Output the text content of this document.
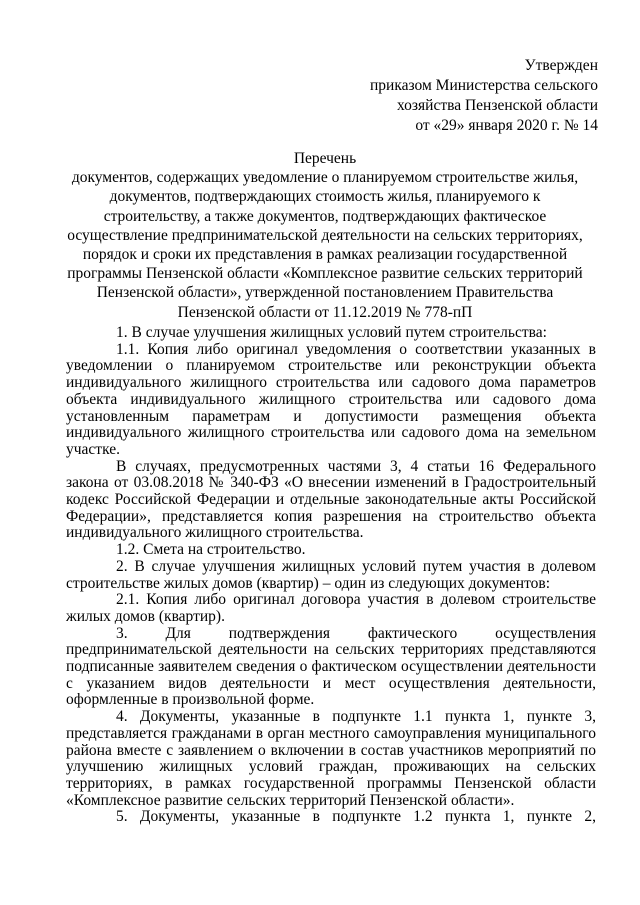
Утвержден
приказом Министерства сельского
хозяйства Пензенской области
от «29» января 2020 г. № 14
Перечень
документов, содержащих уведомление о планируемом строительстве жилья,
документов, подтверждающих стоимость жилья, планируемого к
строительству, а также документов, подтверждающих фактическое
осуществление предпринимательской деятельности на сельских территориях,
порядок и сроки их представления в рамках реализации государственной
программы Пензенской области «Комплексное развитие сельских территорий
Пензенской области», утвержденной постановлением Правительства
Пензенской области от 11.12.2019 № 778-пП

1. В случае улучшения жилищных условий путем строительства:

1.1. Копия либо оригинал уведомления о соответствии указанных в уведомлении о планируемом строительстве или реконструкции объекта индивидуального жилищного строительства или садового дома параметров объекта индивидуального жилищного строительства или садового дома установленным параметрам и допустимости размещения объекта индивидуального жилищного строительства или садового дома на земельном участке.

В случаях, предусмотренных частями 3, 4 статьи 16 Федерального закона от 03.08.2018 № 340-ФЗ «О внесении изменений в Градостроительный кодекс Российской Федерации и отдельные законодательные акты Российской Федерации», представляется копия разрешения на строительство объекта индивидуального жилищного строительства.

1.2. Смета на строительство.

2. В случае улучшения жилищных условий путем участия в долевом строительстве жилых домов (квартир) – один из следующих документов:

2.1. Копия либо оригинал договора участия в долевом строительстве жилых домов (квартир).

3. Для подтверждения фактического осуществления предпринимательской деятельности на сельских территориях представляются подписанные заявителем сведения о фактическом осуществлении деятельности с указанием видов деятельности и мест осуществления деятельности, оформленные в произвольной форме.

4. Документы, указанные в подпункте 1.1 пункта 1, пункте 3, представляется гражданами в орган местного самоуправления муниципального района вместе с заявлением о включении в состав участников мероприятий по улучшению жилищных условий граждан, проживающих на сельских территориях, в рамках государственной программы Пензенской области «Комплексное развитие сельских территорий Пензенской области».

5. Документы, указанные в подпункте 1.2 пункта 1, пункте 2,
